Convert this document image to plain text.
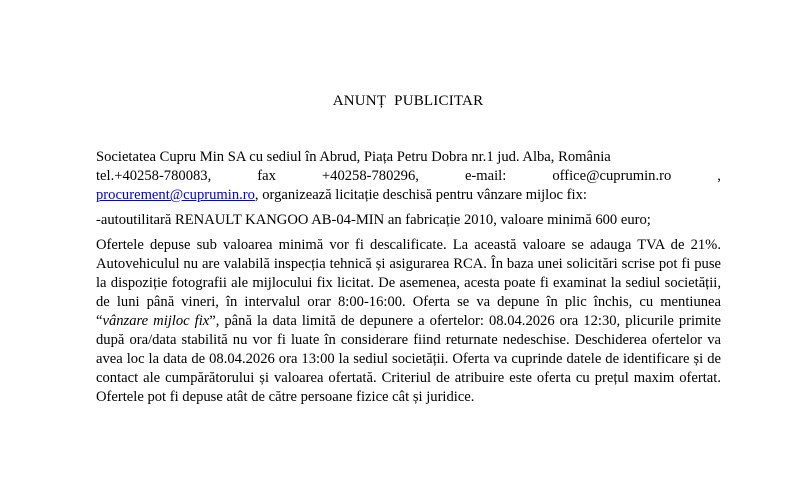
ANUNȚ PUBLICITAR
Societatea Cupru Min SA cu sediul în Abrud, Piața Petru Dobra nr.1 jud. Alba, România
tel.+40258-780083,	fax	+40258-780296,	e-mail:	office@cuprumin.ro	,
procurement@cuprumin.ro, organizează licitație deschisă pentru vânzare mijloc fix:

-autoutilitară RENAULT KANGOO AB-04-MIN an fabricație 2010, valoare minimă 600 euro;

Ofertele depuse sub valoarea minimă vor fi descalificate. La această valoare se adauga TVA de 21%. Autovehiculul nu are valabilă inspecția tehnică și asigurarea RCA. În baza unei solicitări scrise pot fi puse la dispoziție fotografii ale mijlocului fix licitat. De asemenea, acesta poate fi examinat la sediul societății, de luni până vineri, în intervalul orar 8:00-16:00. Oferta se va depune în plic închis, cu mentiunea “vânzare mijloc fix”, până la data limită de depunere a ofertelor: 08.04.2026 ora 12:30, plicurile primite după ora/data stabilită nu vor fi luate în considerare fiind returnate nedeschise. Deschiderea ofertelor va avea loc la data de 08.04.2026 ora 13:00 la sediul societății. Oferta va cuprinde datele de identificare și de contact ale cumpărătorului și valoarea ofertată. Criteriul de atribuire este oferta cu prețul maxim ofertat. Ofertele pot fi depuse atât de către persoane fizice cât și juridice.
